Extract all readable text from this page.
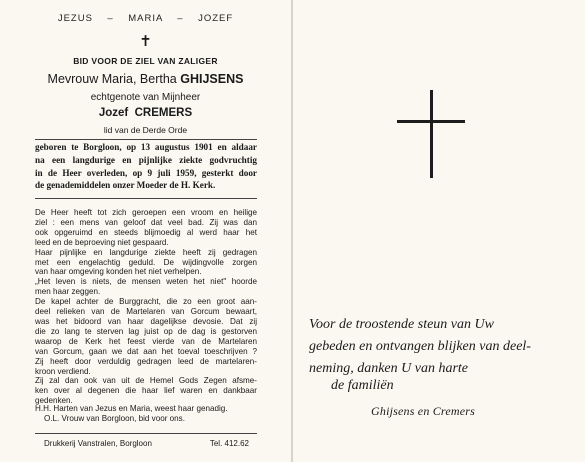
JEZUS – MARIA – JOZEF
✝
BID VOOR DE ZIEL VAN ZALIGER
Mevrouw Maria, Bertha GHIJSENS
echtgenote van Mijnheer
Jozef  CREMERS
lid van de Derde Orde
geboren te Borgloon, op 13 augustus 1901 en aldaar
na een langdurige en pijnlijke ziekte godvruchtig
in de Heer overleden, op 9 juli 1959, gesterkt door
de genademiddelen onzer Moeder de H. Kerk.
De Heer heeft tot zich geroepen een vroom en heilige
ziel : een mens van geloof dat veel bad. Zij was dan
ook opgeruimd en steeds blijmoedig al werd haar het
leed en de beproeving niet gespaard.
Haar pijnlijke en langdurige ziekte heeft zij gedragen
met een engelachtig geduld. De wijdingvolle zorgen
van haar omgeving konden het niet verhelpen.
„Het leven is niets, de mensen weten het niet" hoorde
men haar zeggen.
De kapel achter de Burggracht, die zo een groot aan-
deel relieken van de Martelaren van Gorcum bewaart,
was het bidoord van haar dagelijkse devosie. Dat zij
die zo lang te sterven lag juist op de dag is gestorven
waarop de Kerk het feest vierde van de Martelaren
van Gorcum, gaan we dat aan het toeval toeschrijven ?
Zij heeft door verduldig gedragen leed de martelaren-
kroon verdiend.
Zij zal dan ook van uit de Hemel Gods Zegen afsme-
ken over al degenen die haar lief waren en dankbaar
gedenken.
H.H. Harten van Jezus en Maria, weest haar genadig.
O.L. Vrouw van Borgloon, bid voor ons.
Drukkerij Vanstralen, Borgloon	Tel. 412.62
Voor de troostende steun van Uw
gebeden en ontvangen blijken van deel-
neming, danken U van harte
de familiën
Ghijsens en Cremers
